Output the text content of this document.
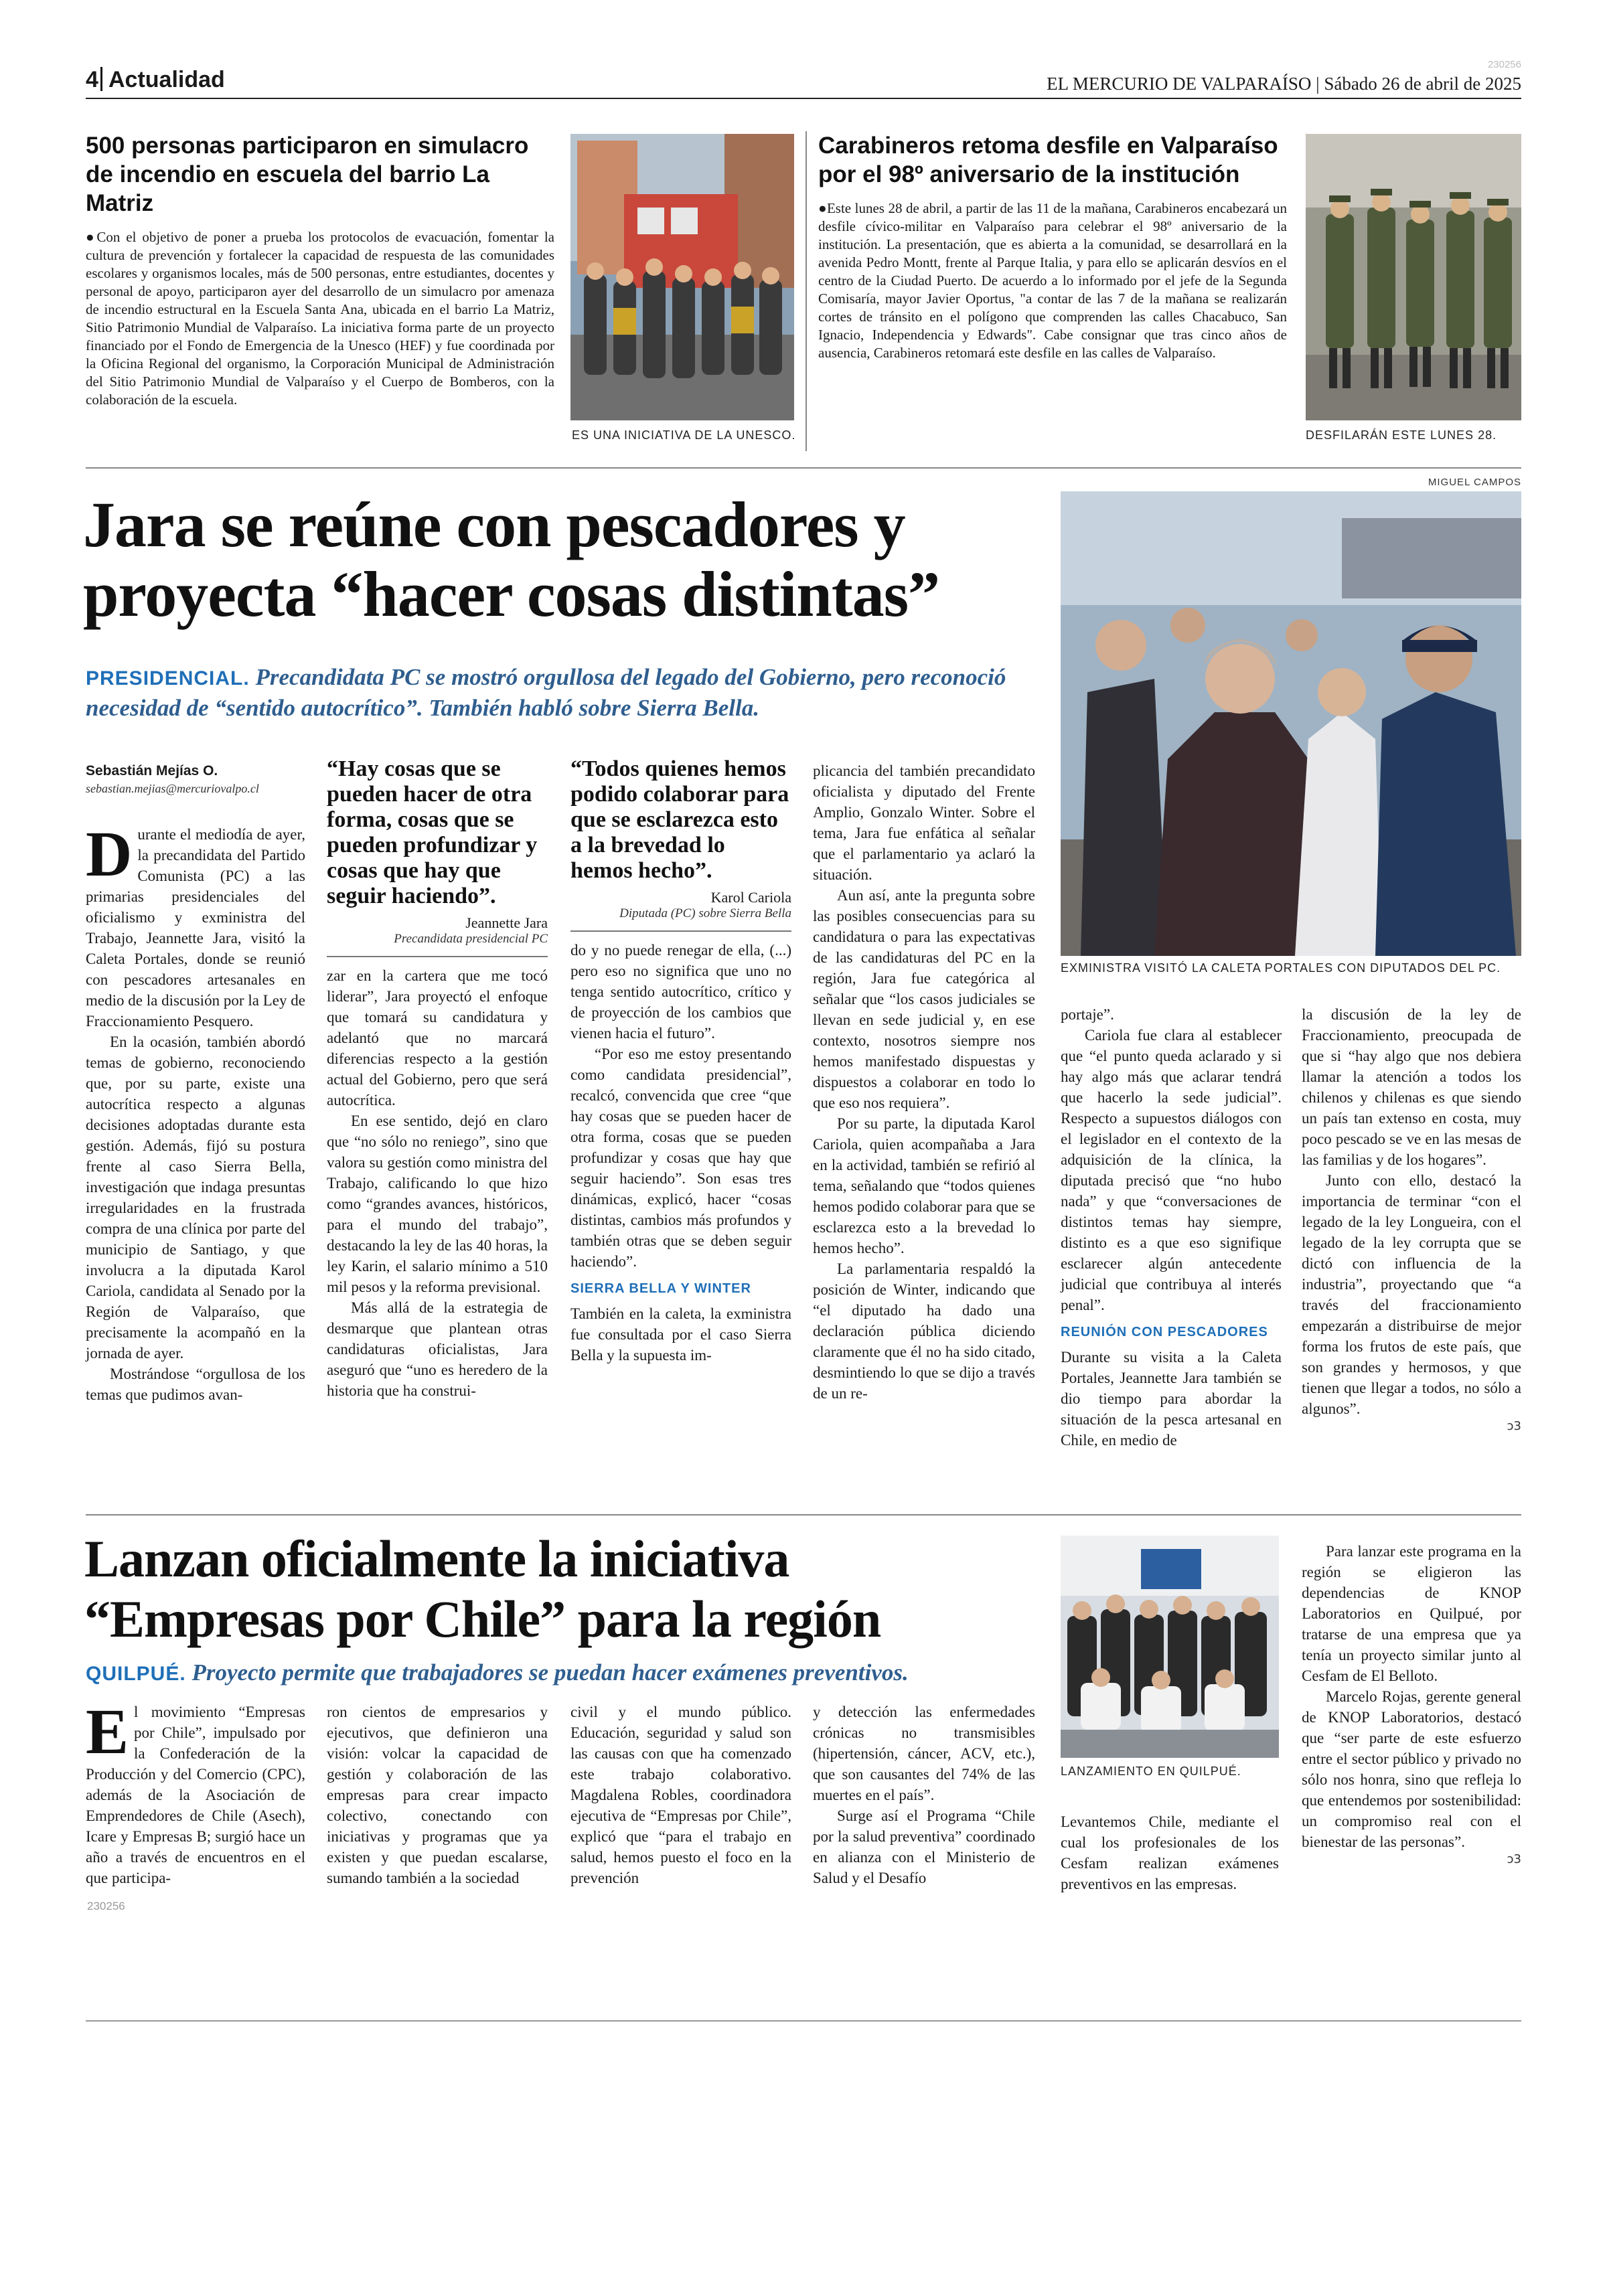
4 Actualidad	EL MERCURIO DE VALPARAÍSO | Sábado 26 de abril de 2025
230256
500 personas participaron en simulacro de incendio en escuela del barrio La Matriz

●Con el objetivo de poner a prueba los protocolos de evacuación, fomentar la cultura de prevención y fortalecer la capacidad de respuesta de las comunidades escolares y organismos locales, más de 500 personas, entre estudiantes, docentes y personal de apoyo, participaron ayer del desarrollo de un simulacro por amenaza de incendio estructural en la Escuela Santa Ana, ubicada en el barrio La Matriz, Sitio Patrimonio Mundial de Valparaíso. La iniciativa forma parte de un proyecto financiado por el Fondo de Emergencia de la Unesco (HEF) y fue coordinada por la Oficina Regional del organismo, la Corporación Municipal de Administración del Sitio Patrimonio Mundial de Valparaíso y el Cuerpo de Bomberos, con la colaboración de la escuela.

ES UNA INICIATIVA DE LA UNESCO.
Carabineros retoma desfile en Valparaíso por el 98º aniversario de la institución

●Este lunes 28 de abril, a partir de las 11 de la mañana, Carabineros encabezará un desfile cívico-militar en Valparaíso para celebrar el 98º aniversario de la institución. La presentación, que es abierta a la comunidad, se desarrollará en la avenida Pedro Montt, frente al Parque Italia, y para ello se aplicarán desvíos en el centro de la Ciudad Puerto. De acuerdo a lo informado por el jefe de la Segunda Comisaría, mayor Javier Oportus, "a contar de las 7 de la mañana se realizarán cortes de tránsito en el polígono que comprenden las calles Chacabuco, San Ignacio, Independencia y Edwards". Cabe consignar que tras cinco años de ausencia, Carabineros retomará este desfile en las calles de Valparaíso.

DESFILARÁN ESTE LUNES 28.
MIGUEL CAMPOS
Jara se reúne con pescadores y
proyecta “hacer cosas distintas”
PRESIDENCIAL. Precandidata PC se mostró orgullosa del legado del Gobierno, pero reconoció necesidad de “sentido autocrítico”. También habló sobre Sierra Bella.
EXMINISTRA VISITÓ LA CALETA PORTALES CON DIPUTADOS DEL PC.
Sebastián Mejías O.
sebastian.mejias@mercuriovalpo.cl
D urante el mediodía de ayer, la precandidata del Partido Comunista (PC) a las primarias presidenciales del oficialismo y exministra del Trabajo, Jeannette Jara, visitó la Caleta Portales, donde se reunió con pescadores artesanales en medio de la discusión por la Ley de Fraccionamiento Pesquero.

En la ocasión, también abordó temas de gobierno, reconociendo que, por su parte, existe una autocrítica respecto a algunas decisiones adoptadas durante esta gestión. Además, fijó su postura frente al caso Sierra Bella, investigación que indaga presuntas irregularidades en la frustrada compra de una clínica por parte del municipio de Santiago, y que involucra a la diputada Karol Cariola, candidata al Senado por la Región de Valparaíso, que precisamente la acompañó en la jornada de ayer.

Mostrándose “orgullosa de los temas que pudimos avan-

“Hay cosas que se pueden hacer de otra forma, cosas que se pueden profundizar y cosas que hay que seguir haciendo”.
Jeannette Jara
Precandidata presidencial PC

zar en la cartera que me tocó liderar”, Jara proyectó el enfoque que tomará su candidatura y adelantó que no marcará diferencias respecto a la gestión actual del Gobierno, pero que será autocrítica.

En ese sentido, dejó en claro que “no sólo no reniego”, sino que valora su gestión como ministra del Trabajo, calificando lo que hizo como “grandes avances, históricos, para el mundo del trabajo”, destacando la ley de las 40 horas, la ley Karin, el salario mínimo a 510 mil pesos y la reforma previsional.

Más allá de la estrategia de desmarque que plantean otras candidaturas oficialistas, Jara aseguró que “uno es heredero de la historia que ha construi-

“Todos quienes hemos podido colaborar para que se esclarezca esto a la brevedad lo hemos hecho”.
Karol Cariola
Diputada (PC) sobre Sierra Bella

do y no puede renegar de ella, (...) pero eso no significa que uno no tenga sentido autocrítico, crítico y de proyección de los cambios que vienen hacia el futuro”.

“Por eso me estoy presentando como candidata presidencial”, recalcó, convencida que cree “que hay cosas que se pueden hacer de otra forma, cosas que se pueden profundizar y cosas que hay que seguir haciendo”. Son esas tres dinámicas, explicó, hacer “cosas distintas, cambios más profundos y también otras que se deben seguir haciendo”.

SIERRA BELLA Y WINTER

También en la caleta, la exministra fue consultada por el caso Sierra Bella y la supuesta im-

plicancia del también precandidato oficialista y diputado del Frente Amplio, Gonzalo Winter. Sobre el tema, Jara fue enfática al señalar que el parlamentario ya aclaró la situación.

Aun así, ante la pregunta sobre las posibles consecuencias para su candidatura o para las expectativas de las candidaturas del PC en la región, Jara fue categórica al señalar que “los casos judiciales se llevan en sede judicial y, en ese contexto, nosotros siempre nos hemos manifestado dispuestas y dispuestos a colaborar en todo lo que eso nos requiera”.

Por su parte, la diputada Karol Cariola, quien acompañaba a Jara en la actividad, también se refirió al tema, señalando que “todos quienes hemos podido colaborar para que se esclarezca esto a la brevedad lo hemos hecho”.

La parlamentaria respaldó la posición de Winter, indicando que “el diputado ha dado una declaración pública diciendo claramente que él no ha sido citado, desmintiendo lo que se dijo a través de un re-

portaje”.

Cariola fue clara al establecer que “el punto queda aclarado y si hay algo más que aclarar tendrá que hacerlo la sede judicial”. Respecto a supuestos diálogos con el legislador en el contexto de la adquisición de la clínica, la diputada precisó que “no hubo nada” y que “conversaciones de distintos temas hay siempre, distinto es a que eso signifique esclarecer algún antecedente judicial que contribuya al interés penal”.

REUNIÓN CON PESCADORES

Durante su visita a la Caleta Portales, Jeannette Jara también se dio tiempo para abordar la situación de la pesca artesanal en Chile, en medio de

la discusión de la ley de Fraccionamiento, preocupada de que si “hay algo que nos debiera llamar la atención a todos los chilenos y chilenas es que siendo un país tan extenso en costa, muy poco pescado se ve en las mesas de las familias y de los hogares”.

Junto con ello, destacó la importancia de terminar “con el legado de la ley Longueira, con el legado de la ley corrupta que se dictó con influencia de la industria”, proyectando que “a través del fraccionamiento empezarán a distribuirse de mejor forma los frutos de este país, que son grandes y hermosos, y que tienen que llegar a todos, no sólo a algunos”.

ↄ3
Lanzan oficialmente la iniciativa
“Empresas por Chile” para la región
QUILPUÉ. Proyecto permite que trabajadores se puedan hacer exámenes preventivos.
LANZAMIENTO EN QUILPUÉ.
E l movimiento “Empresas por Chile”, impulsado por la Confederación de la Producción y del Comercio (CPC), además de la Asociación de Emprendedores de Chile (Asech), Icare y Empresas B; surgió hace un año a través de encuentros en el que participa-

ron cientos de empresarios y ejecutivos, que definieron una visión: volcar la capacidad de gestión y colaboración de las empresas para crear impacto colectivo, conectando con iniciativas y programas que ya existen y que puedan escalarse, sumando también a la sociedad

civil y el mundo público. Educación, seguridad y salud son las causas con que ha comenzado este trabajo colaborativo. Magdalena Robles, coordinadora ejecutiva de “Empresas por Chile”, explicó que “para el trabajo en salud, hemos puesto el foco en la prevención

y detección las enfermedades crónicas no transmisibles (hipertensión, cáncer, ACV, etc.), que son causantes del 74% de las muertes en el país”.

Surge así el Programa “Chile por la salud preventiva” coordinado en alianza con el Ministerio de Salud y el Desafío

Levantemos Chile, mediante el cual los profesionales de los Cesfam realizan exámenes preventivos en las empresas.

Para lanzar este programa en la región se eligieron las dependencias de KNOP Laboratorios en Quilpué, por tratarse de una empresa que ya tenía un proyecto similar junto al Cesfam de El Belloto.

Marcelo Rojas, gerente general de KNOP Laboratorios, destacó que “ser parte de este esfuerzo entre el sector público y privado no sólo nos honra, sino que refleja lo que entendemos por sostenibilidad: un compromiso real con el bienestar de las personas”.

ↄ3
230256
